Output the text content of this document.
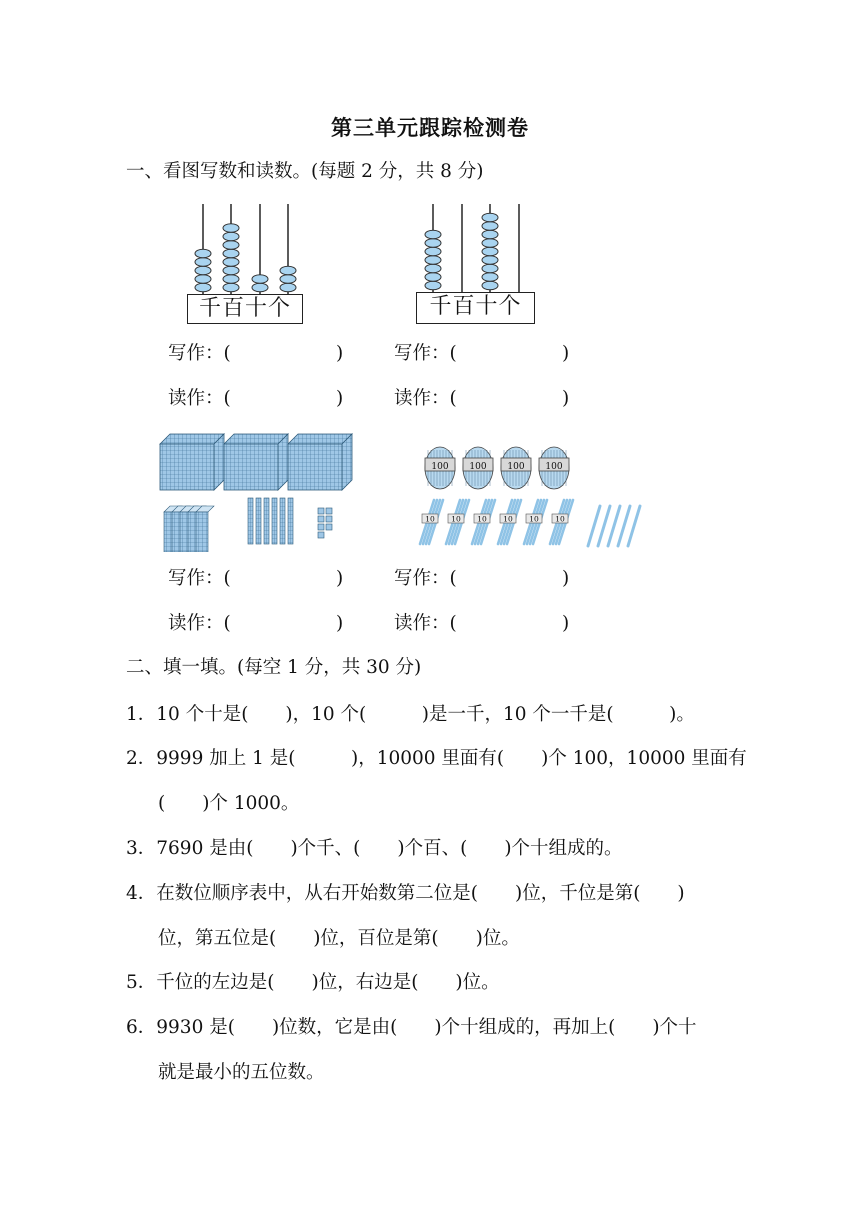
第三单元跟踪检测卷
一、看图写数和读数。(每题 2 分，共 8 分)
千百十个	千百十个
写作：(	)	写作：(	)
读作：(	)	读作：(	)
100 100 100 100
10 10 10 10 10 10
写作：(	)	写作：(	)
读作：(	)	读作：(	)
二、填一填。(每空 1 分，共 30 分)
1．10 个十是(　　)，10 个(　　　)是一千，10 个一千是(　　　)。
2．9999 加上 1 是(　　　)，10000 里面有(　　)个 100，10000 里面有
(　　)个 1000。
3．7690 是由(　　)个千、(　　)个百、(　　)个十组成的。
4．在数位顺序表中，从右开始数第二位是(　　)位，千位是第(　　)
位，第五位是(　　)位，百位是第(　　)位。
5．千位的左边是(　　)位，右边是(　　)位。
6．9930 是(　　)位数，它是由(　　)个十组成的，再加上(　　)个十
就是最小的五位数。
